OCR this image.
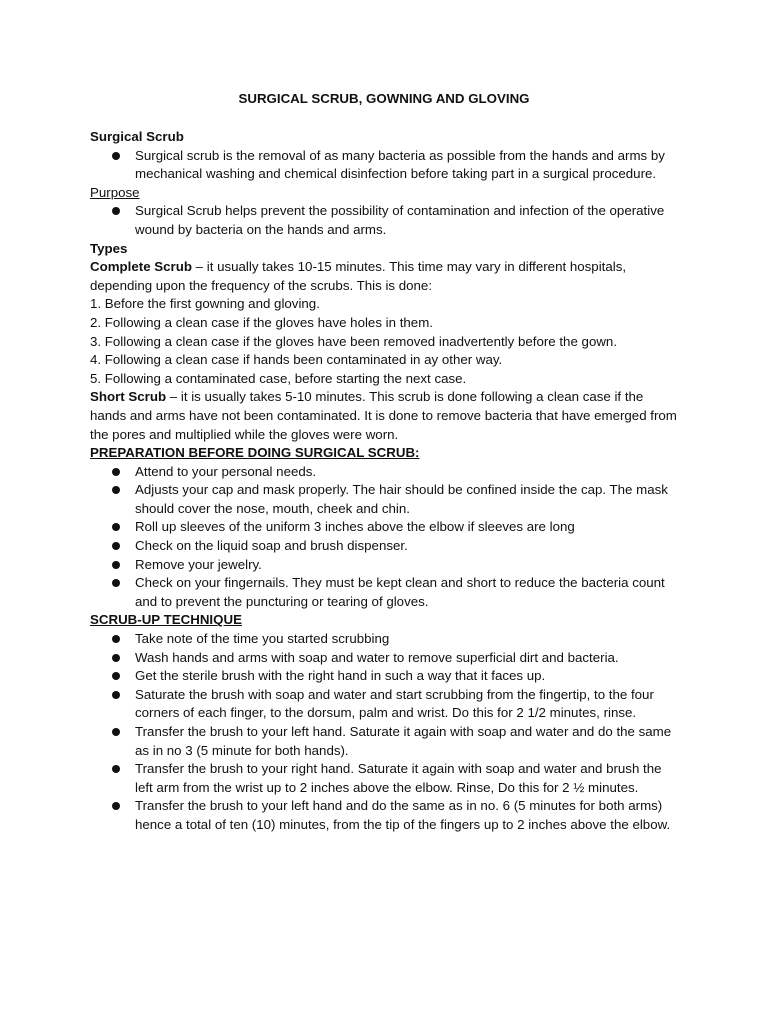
SURGICAL SCRUB, GOWNING AND GLOVING
Surgical Scrub
Surgical scrub is the removal of as many bacteria as possible from the hands and arms by mechanical washing and chemical disinfection before taking part in a surgical procedure.
Purpose
Surgical Scrub helps prevent the possibility of contamination and infection of the operative wound by bacteria on the hands and arms.
Types
Complete Scrub – it usually takes 10-15 minutes. This time may vary in different hospitals, depending upon the frequency of the scrubs. This is done:
1. Before the first gowning and gloving.
2. Following a clean case if the gloves have holes in them.
3. Following a clean case if the gloves have been removed inadvertently before the gown.
4. Following a clean case if hands been contaminated in ay other way.
5. Following a contaminated case, before starting the next case.
Short Scrub – it is usually takes 5-10 minutes. This scrub is done following a clean case if the hands and arms have not been contaminated. It is done to remove bacteria that have emerged from the pores and multiplied while the gloves were worn.
PREPARATION BEFORE DOING SURGICAL SCRUB:
Attend to your personal needs.
Adjusts your cap and mask properly. The hair should be confined inside the cap. The mask should cover the nose, mouth, cheek and chin.
Roll up sleeves of the uniform 3 inches above the elbow if sleeves are long
Check on the liquid soap and brush dispenser.
Remove your jewelry.
Check on your fingernails. They must be kept clean and short to reduce the bacteria count and to prevent the puncturing or tearing of gloves.
SCRUB-UP TECHNIQUE
Take note of the time you started scrubbing
Wash hands and arms with soap and water to remove superficial dirt and bacteria.
Get the sterile brush with the right hand in such a way that it faces up.
Saturate the brush with soap and water and start scrubbing from the fingertip, to the four corners of each finger, to the dorsum, palm and wrist. Do this for 2 1/2 minutes, rinse.
Transfer the brush to your left hand. Saturate it again with soap and water and do the same as in no 3 (5 minute for both hands).
Transfer the brush to your right hand. Saturate it again with soap and water and brush the left arm from the wrist up to 2 inches above the elbow. Rinse, Do this for 2 ½ minutes.
Transfer the brush to your left hand and do the same as in no. 6 (5 minutes for both arms) hence a total of ten (10) minutes, from the tip of the fingers up to 2 inches above the elbow.
